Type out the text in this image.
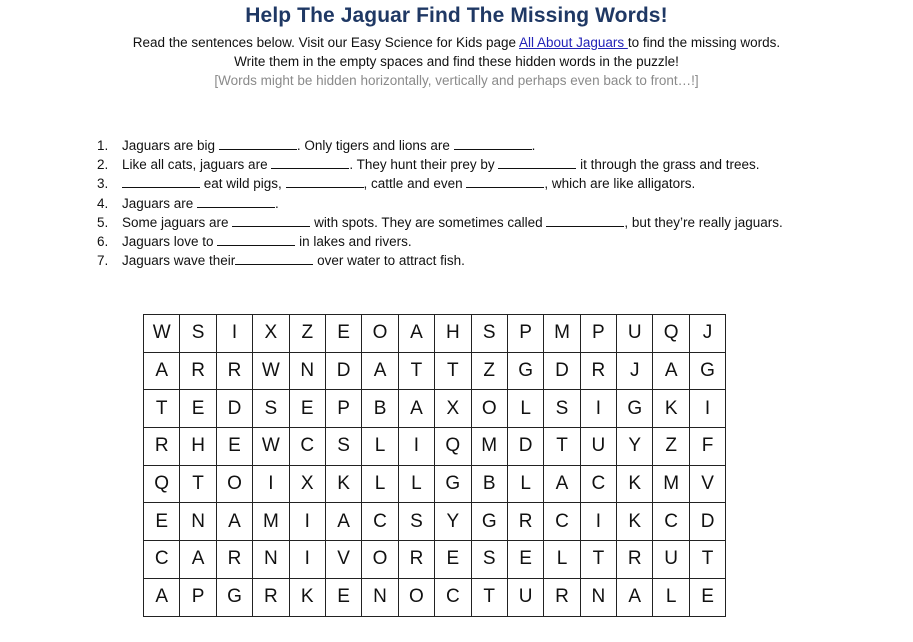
Help The Jaguar Find The Missing Words!
Read the sentences below. Visit our Easy Science for Kids page All About Jaguars to find the missing words.
Write them in the empty spaces and find these hidden words in the puzzle!
[Words might be hidden horizontally, vertically and perhaps even back to front…!]
1. Jaguars are big	. Only tigers and lions are	.
2. Like all cats, jaguars are	. They hunt their prey by	it through the grass and trees.
3.	eat wild pigs,	, cattle and even	, which are like alligators.
4. Jaguars are	.
5. Some jaguars are	with spots. They are sometimes called	, but they’re really jaguars.
6. Jaguars love to	in lakes and rivers.
7. Jaguars wave their	over water to attract fish.
W	S	I	X	Z	E	O	A	H	S	P	M	P	U	Q	J
A	R	R	W	N	D	A	T	T	Z	G	D	R	J	A	G
T	E	D	S	E	P	B	A	X	O	L	S	I	G	K	I
R	H	E	W	C	S	L	I	Q	M	D	T	U	Y	Z	F
Q	T	O	I	X	K	L	L	G	B	L	A	C	K	M	V
E	N	A	M	I	A	C	S	Y	G	R	C	I	K	C	D
C	A	R	N	I	V	O	R	E	S	E	L	T	R	U	T
A	P	G	R	K	E	N	O	C	T	U	R	N	A	L	E
